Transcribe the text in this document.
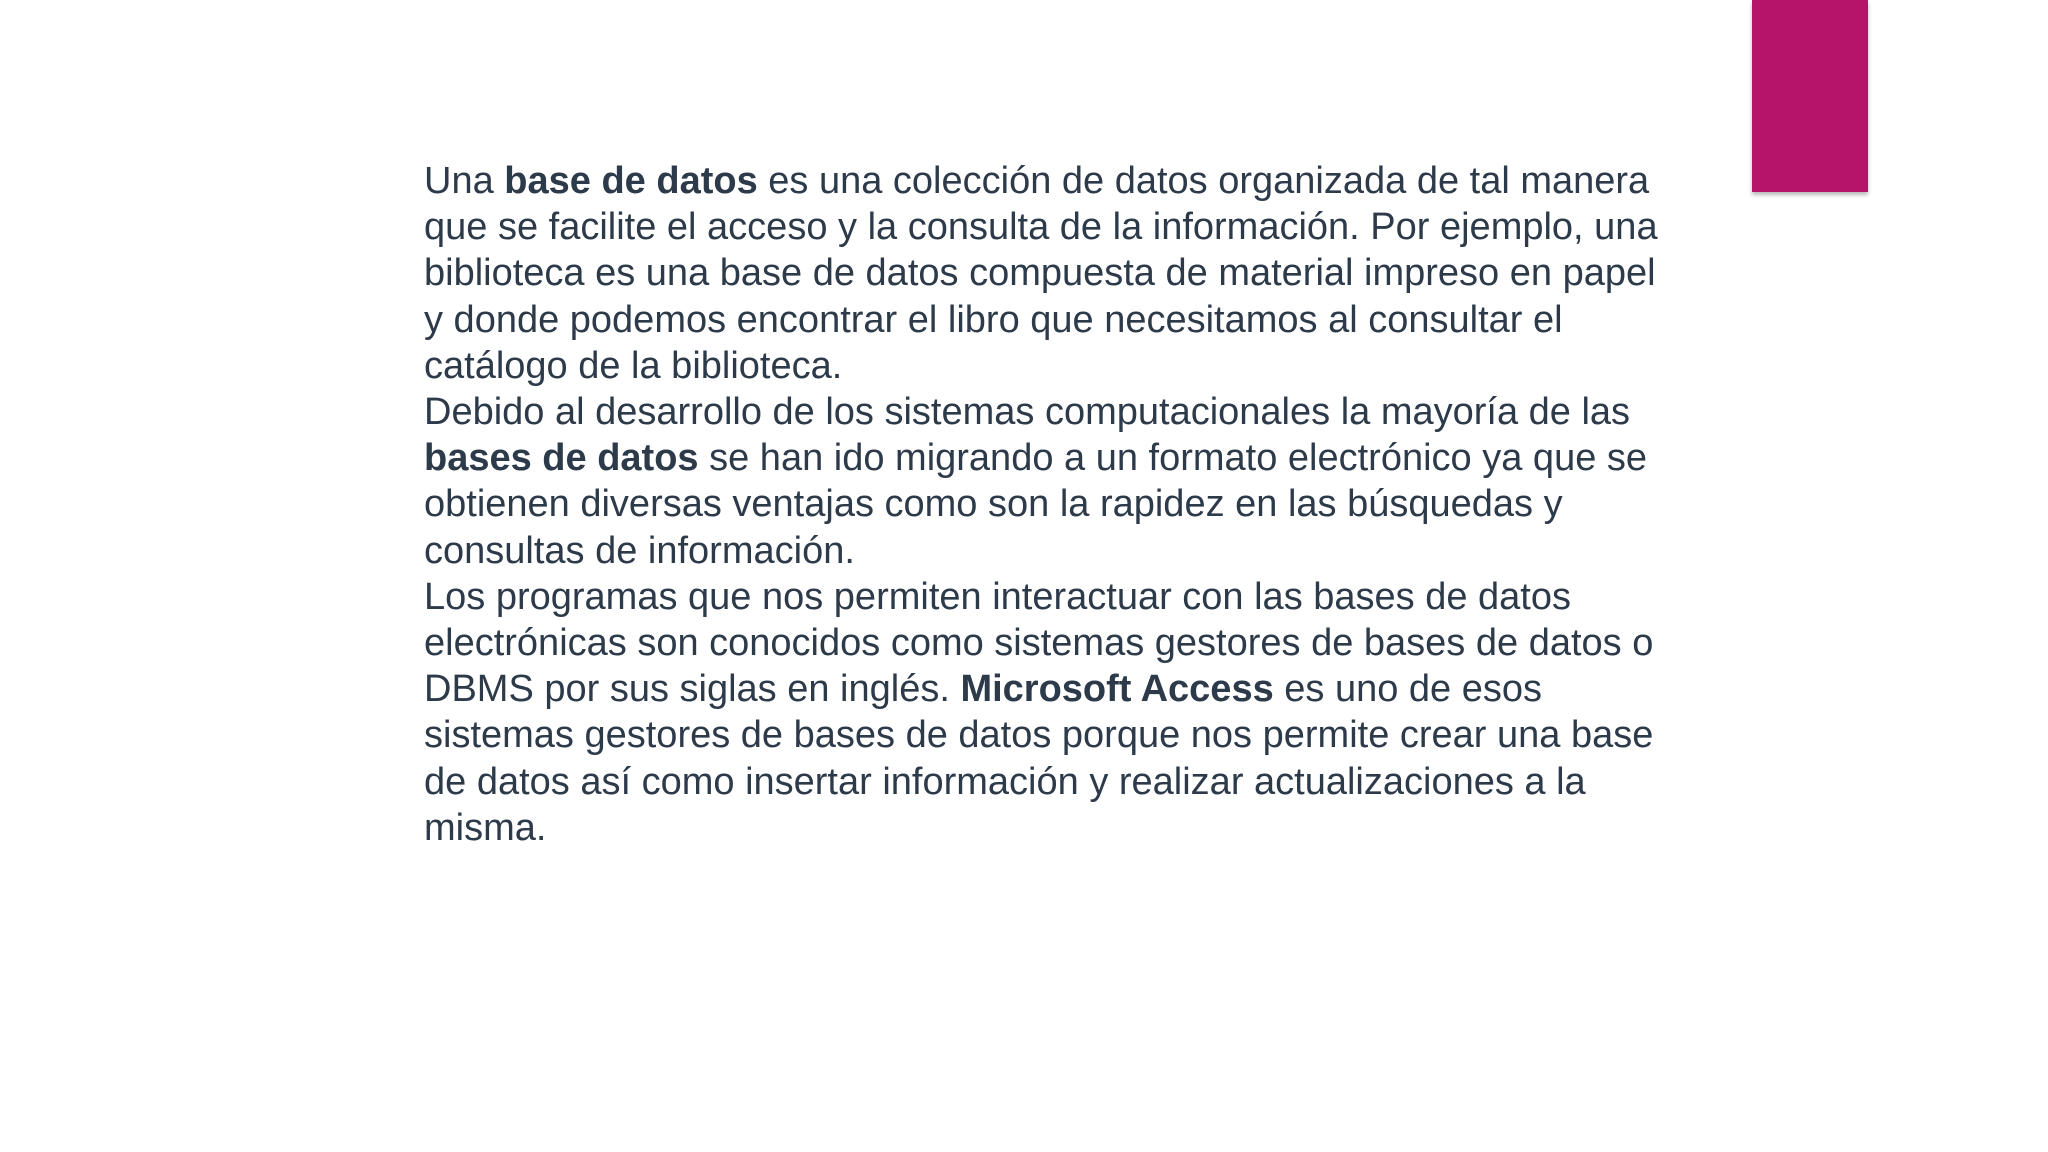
Una base de datos es una colección de datos organizada de tal manera que se facilite el acceso y la consulta de la información. Por ejemplo, una biblioteca es una base de datos compuesta de material impreso en papel y donde podemos encontrar el libro que necesitamos al consultar el catálogo de la biblioteca.

Debido al desarrollo de los sistemas computacionales la mayoría de las bases de datos se han ido migrando a un formato electrónico ya que se obtienen diversas ventajas como son la rapidez en las búsquedas y consultas de información.

Los programas que nos permiten interactuar con las bases de datos electrónicas son conocidos como sistemas gestores de bases de datos o DBMS por sus siglas en inglés. Microsoft Access es uno de esos sistemas gestores de bases de datos porque nos permite crear una base de datos así como insertar información y realizar actualizaciones a la misma.
